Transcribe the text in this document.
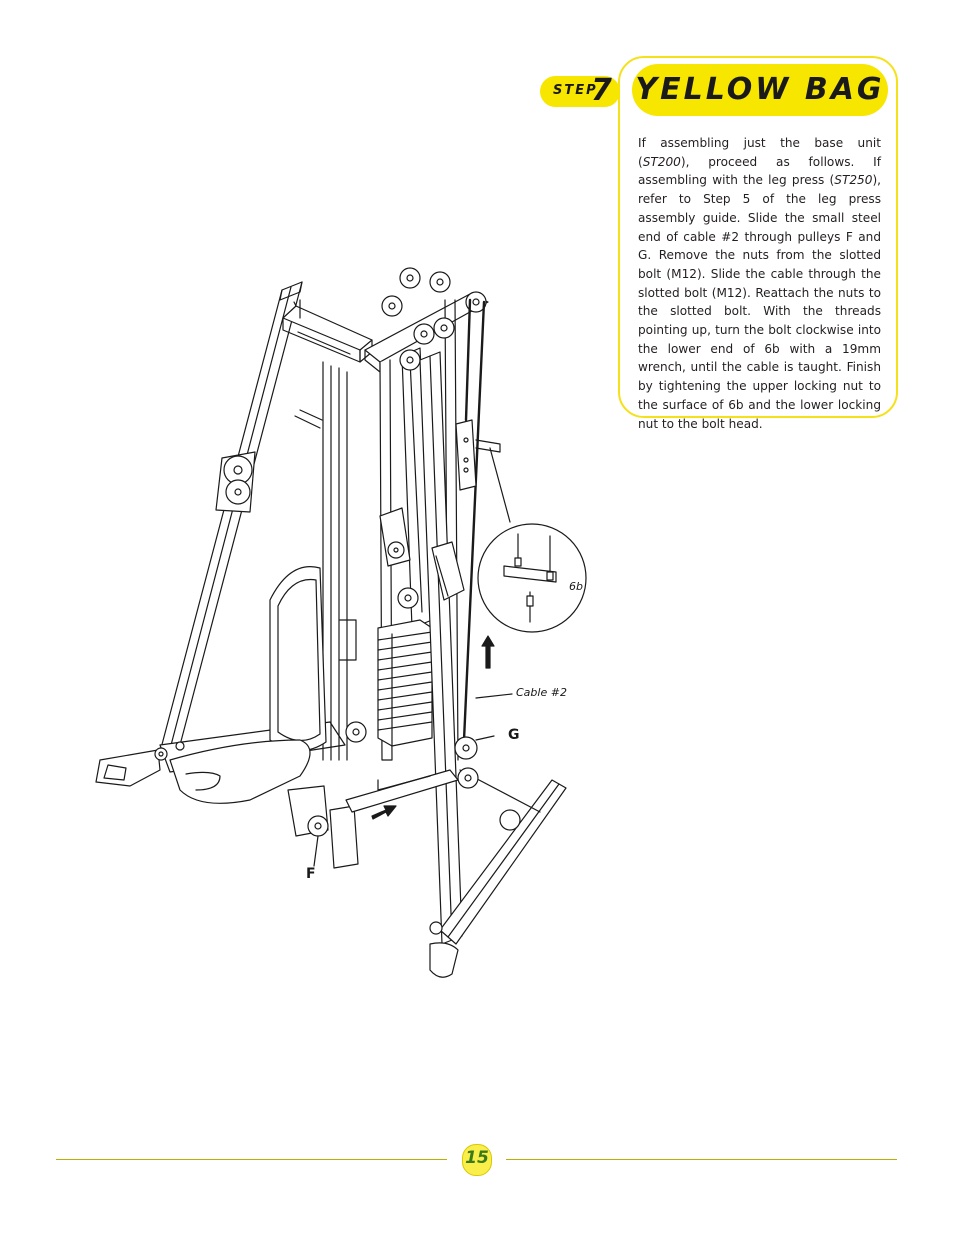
YELLOW BAG
STEP
7
If assembling just the base unit (ST200), proceed as follows. If assembling with the leg press (ST250), refer to Step 5 of the leg press assembly guide. Slide the small steel end of cable #2 through pulleys F and G. Remove the nuts from the slotted bolt (M12). Slide the cable through the slotted bolt (M12). Reattach the nuts to the slotted bolt. With the threads pointing up, turn the bolt clockwise into the lower end of 6b with a 19mm wrench, until the cable is taught. Finish by tightening the upper locking nut to the surface of 6b and the lower locking nut to the bolt head.
F
G
Cable #2
6b
15
